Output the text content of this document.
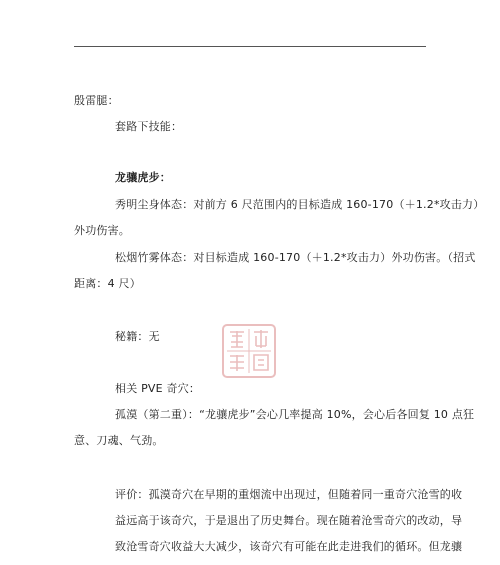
殷雷腿：
套路下技能：
龙骧虎步：
秀明尘身体态：对前方 6 尺范围内的目标造成 160-170（＋1.2*攻击力）
外功伤害。
松烟竹雾体态：对目标造成 160-170（＋1.2*攻击力）外功伤害。（招式
距离：4 尺）
秘籍：无
相关 PVE 奇穴：
孤漠（第二重）：“龙骧虎步”会心几率提高 10%，会心后各回复 10 点狂
意、刀魂、气劲。
评价：孤漠奇穴在早期的重烟流中出现过，但随着同一重奇穴沧雪的收
益远高于该奇穴，于是退出了历史舞台。现在随着沧雪奇穴的改动，导
致沧雪奇穴收益大大减少，该奇穴有可能在此走进我们的循环。但龙骧
